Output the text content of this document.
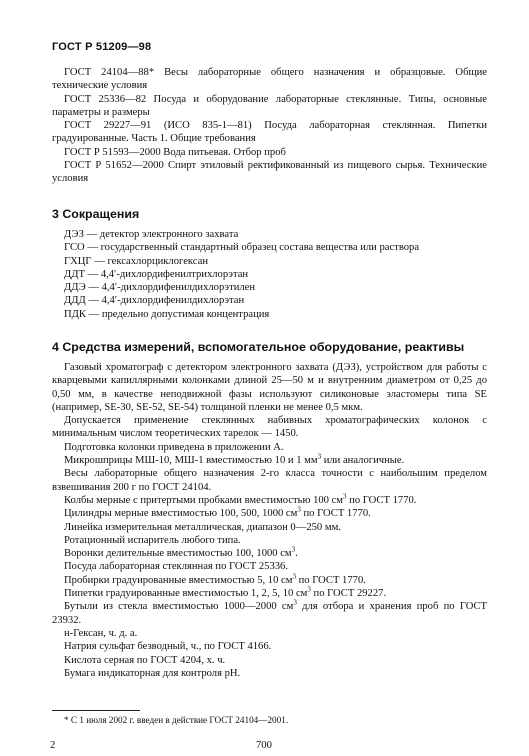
ГОСТ Р 51209—98

ГОСТ 24104—88* Весы лабораторные общего назначения и образцовые. Общие технические условия

ГОСТ 25336—82 Посуда и оборудование лабораторные стеклянные. Типы, основные параметры и размеры

ГОСТ 29227—91 (ИСО 835-1—81) Посуда лабораторная стеклянная. Пипетки градуированные. Часть 1. Общие требования

ГОСТ Р 51593—2000 Вода питьевая. Отбор проб

ГОСТ Р 51652—2000 Спирт этиловый ректификованный из пищевого сырья. Технические условия

3 Сокращения

ДЭЗ — детектор электронного захвата

ГСО — государственный стандартный образец состава вещества или раствора

ГХЦГ — гексахлорциклогексан

ДДТ — 4,4′-дихлордифенилтрихлорэтан

ДДЭ — 4,4′-дихлордифенилдихлорэтилен

ДДД — 4,4′-дихлордифенилдихлорэтан

ПДК — предельно допустимая концентрация

4 Средства измерений, вспомогательное оборудование, реактивы

Газовый хроматограф с детектором электронного захвата (ДЭЗ), устройством для работы с кварцевыми капиллярными колонками длиной 25—50 м и внутренним диаметром от 0,25 до 0,50 мм, в качестве неподвижной фазы используют силиконовые эластомеры типа SE (например, SE-30, SE-52, SE-54) толщиной пленки не менее 0,5 мкм.

Допускается применение стеклянных набивных хроматографических колонок с минимальным числом теоретических тарелок — 1450.

Подготовка колонки приведена в приложении А.

Микрошприцы МШ-10, МШ-1 вместимостью 10 и 1 $мм^3$ или аналогичные.

Весы лабораторные общего назначения 2-го класса точности с наибольшим пределом взвешивания 200 г по ГОСТ 24104.

Колбы мерные с притертыми пробками вместимостью 100 $см^3$ по ГОСТ 1770.

Цилиндры мерные вместимостью 100, 500, 1000 $см^3$ по ГОСТ 1770.

Линейка измерительная металлическая, диапазон 0—250 мм.

Ротационный испаритель любого типа.

Воронки делительные вместимостью 100, 1000 $см^3$.

Посуда лабораторная стеклянная по ГОСТ 25336.

Пробирки градуированные вместимостью 5, 10 $см^3$ по ГОСТ 1770.

Пипетки градуированные вместимостью 1, 2, 5, 10 $см^3$ по ГОСТ 29227.

Бутыли из стекла вместимостью 1000—2000 $см^3$ для отбора и хранения проб по ГОСТ 23932.

н-Гексан, ч. д. а.

Натрия сульфат безводный, ч., по ГОСТ 4166.

Кислота серная по ГОСТ 4204, х. ч.

Бумага индикаторная для контроля рН.

* С 1 июля 2002 г. введен в действие ГОСТ 24104—2001.
2	700
